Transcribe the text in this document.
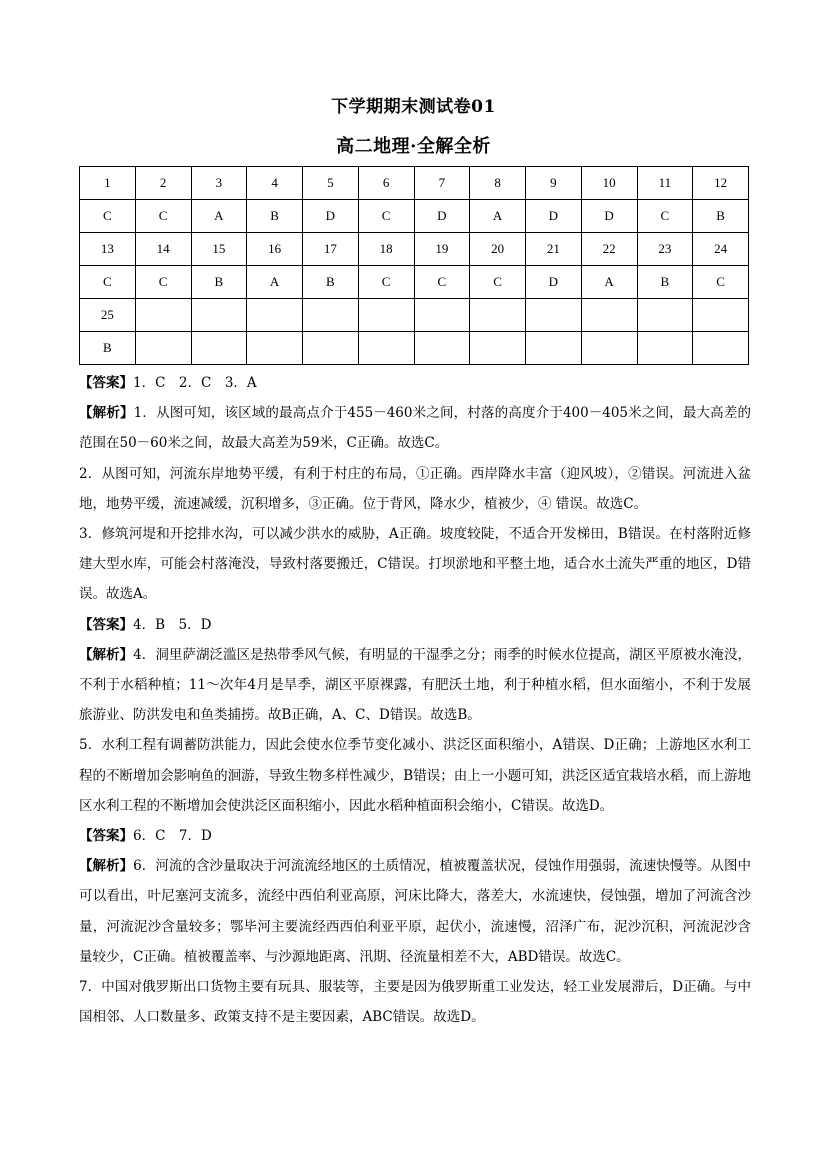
下学期期末测试卷01
高二地理·全解全析
1	2	3	4	5	6	7	8	9	10	11	12
C	C	A	B	D	C	D	A	D	D	C	B
13	14	15	16	17	18	19	20	21	22	23	24
C	C	B	A	B	C	C	C	D	A	B	C
25											
B											

【答案】1．C　2．C　3．A

【解析】1．从图可知，该区域的最高点介于455－460米之间，村落的高度介于400－405米之间，最大高差的范围在50－60米之间，故最大高差为59米，C正确。故选C。

2．从图可知，河流东岸地势平缓，有利于村庄的布局，①正确。西岸降水丰富（迎风坡），②错误。河流进入盆地，地势平缓，流速减缓，沉积增多，③正确。位于背风，降水少，植被少，④ 错误。故选C。

3．修筑河堤和开挖排水沟，可以减少洪水的威胁，A正确。坡度较陡，不适合开发梯田，B错误。在村落附近修建大型水库，可能会村落淹没，导致村落要搬迁，C错误。打坝淤地和平整土地，适合水土流失严重的地区，D错误。故选A。

【答案】4．B　5．D

【解析】4．洞里萨湖泛滥区是热带季风气候，有明显的干湿季之分；雨季的时候水位提高，湖区平原被水淹没，不利于水稻种植；11～次年4月是旱季，湖区平原裸露，有肥沃土地，利于种植水稻，但水面缩小，不利于发展旅游业、防洪发电和鱼类捕捞。故B正确，A、C、D错误。故选B。

5．水利工程有调蓄防洪能力，因此会使水位季节变化减小、洪泛区面积缩小，A错误、D正确；上游地区水利工程的不断增加会影响鱼的洄游，导致生物多样性减少，B错误；由上一小题可知，洪泛区适宜栽培水稻，而上游地区水利工程的不断增加会使洪泛区面积缩小，因此水稻种植面积会缩小，C错误。故选D。

【答案】6．C　7．D

【解析】6．河流的含沙量取决于河流流经地区的土质情况，植被覆盖状况，侵蚀作用强弱，流速快慢等。从图中可以看出，叶尼塞河支流多，流经中西伯利亚高原，河床比降大，落差大，水流速快，侵蚀强，增加了河流含沙量，河流泥沙含量较多；鄂毕河主要流经西西伯利亚平原，起伏小，流速慢，沼泽广布，泥沙沉积，河流泥沙含量较少，C正确。植被覆盖率、与沙源地距离、汛期、径流量相差不大，ABD错误。故选C。

7．中国对俄罗斯出口货物主要有玩具、服装等，主要是因为俄罗斯重工业发达，轻工业发展滞后，D正确。与中国相邻、人口数量多、政策支持不是主要因素，ABC错误。故选D。
